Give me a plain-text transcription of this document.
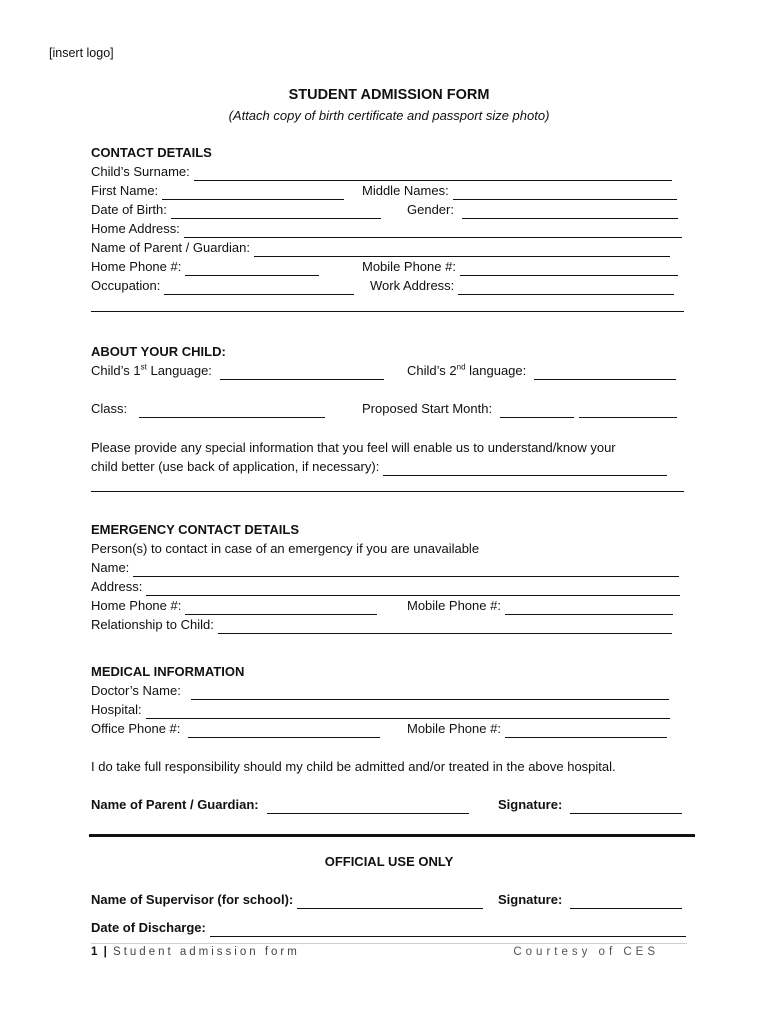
[insert logo]
STUDENT ADMISSION FORM
(Attach copy of birth certificate and passport size photo)
CONTACT DETAILS
Child’s Surname:
First Name:	Middle Names:
Date of Birth:	Gender:
Home Address:
Name of Parent / Guardian:
Home Phone #:	Mobile Phone #:
Occupation:	Work Address:
ABOUT YOUR CHILD:
Child’s 1st Language:	Child’s 2nd language:
Class:	Proposed Start Month:
Please provide any special information that you feel will enable us to understand/know your
child better (use back of application, if necessary):
EMERGENCY CONTACT DETAILS
Person(s) to contact in case of an emergency if you are unavailable
Name:
Address:
Home Phone #:	Mobile Phone #:
Relationship to Child:
MEDICAL INFORMATION
Doctor’s Name:
Hospital:
Office Phone #:	Mobile Phone #:
I do take full responsibility should my child be admitted and/or treated in the above hospital.
Name of Parent / Guardian:	Signature:
OFFICIAL USE ONLY
Name of Supervisor (for school):	Signature:
Date of Discharge:
1 | Student admission form	Courtesy of CES
